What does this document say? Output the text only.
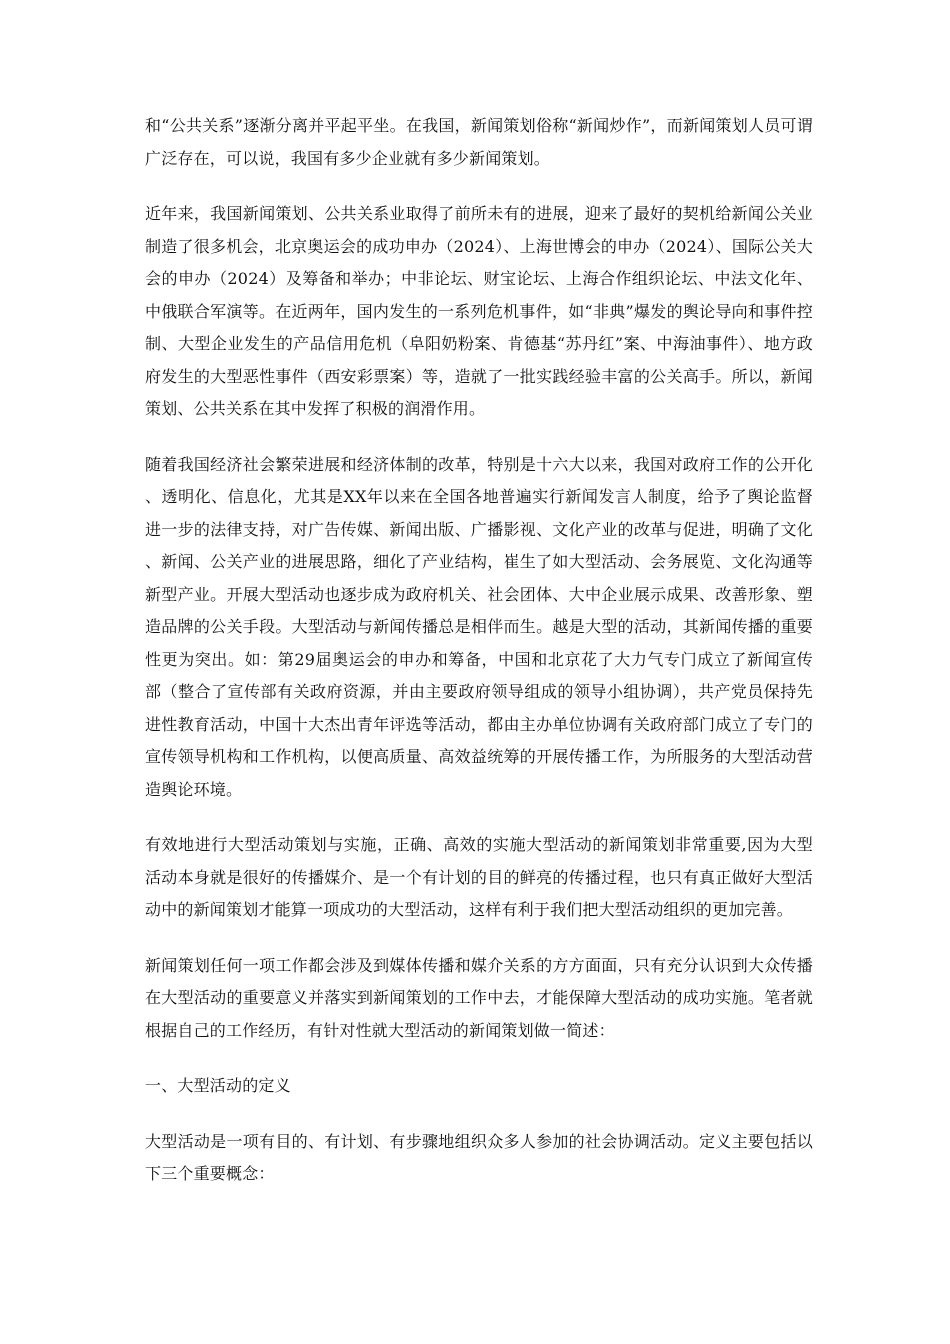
和“公共关系”逐渐分离并平起平坐。在我国，新闻策划俗称“新闻炒作”，而新闻策划人员可谓广泛存在，可以说，我国有多少企业就有多少新闻策划。

近年来，我国新闻策划、公共关系业取得了前所未有的进展，迎来了最好的契机给新闻公关业制造了很多机会，北京奥运会的成功申办（2024）、上海世博会的申办（2024）、国际公关大会的申办（2024）及筹备和举办；中非论坛、财宝论坛、上海合作组织论坛、中法文化年、中俄联合军演等。在近两年，国内发生的一系列危机事件，如“非典”爆发的舆论导向和事件控制、大型企业发生的产品信用危机（阜阳奶粉案、肯德基“苏丹红”案、中海油事件）、地方政府发生的大型恶性事件（西安彩票案）等，造就了一批实践经验丰富的公关高手。所以，新闻策划、公共关系在其中发挥了积极的润滑作用。

随着我国经济社会繁荣进展和经济体制的改革，特别是十六大以来，我国对政府工作的公开化、透明化、信息化，尤其是XX年以来在全国各地普遍实行新闻发言人制度，给予了舆论监督进一步的法律支持，对广告传媒、新闻出版、广播影视、文化产业的改革与促进，明确了文化、新闻、公关产业的进展思路，细化了产业结构，崔生了如大型活动、会务展览、文化沟通等新型产业。开展大型活动也逐步成为政府机关、社会团体、大中企业展示成果、改善形象、塑造品牌的公关手段。大型活动与新闻传播总是相伴而生。越是大型的活动，其新闻传播的重要性更为突出。如：第29届奥运会的申办和筹备，中国和北京花了大力气专门成立了新闻宣传部（整合了宣传部有关政府资源，并由主要政府领导组成的领导小组协调），共产党员保持先进性教育活动，中国十大杰出青年评选等活动，都由主办单位协调有关政府部门成立了专门的宣传领导机构和工作机构，以便高质量、高效益统筹的开展传播工作，为所服务的大型活动营造舆论环境。

有效地进行大型活动策划与实施，正确、高效的实施大型活动的新闻策划非常重要,因为大型活动本身就是很好的传播媒介、是一个有计划的目的鲜亮的传播过程，也只有真正做好大型活动中的新闻策划才能算一项成功的大型活动，这样有利于我们把大型活动组织的更加完善。

新闻策划任何一项工作都会涉及到媒体传播和媒介关系的方方面面，只有充分认识到大众传播在大型活动的重要意义并落实到新闻策划的工作中去，才能保障大型活动的成功实施。笔者就根据自己的工作经历，有针对性就大型活动的新闻策划做一简述：

一、大型活动的定义

大型活动是一项有目的、有计划、有步骤地组织众多人参加的社会协调活动。定义主要包括以下三个重要概念：
